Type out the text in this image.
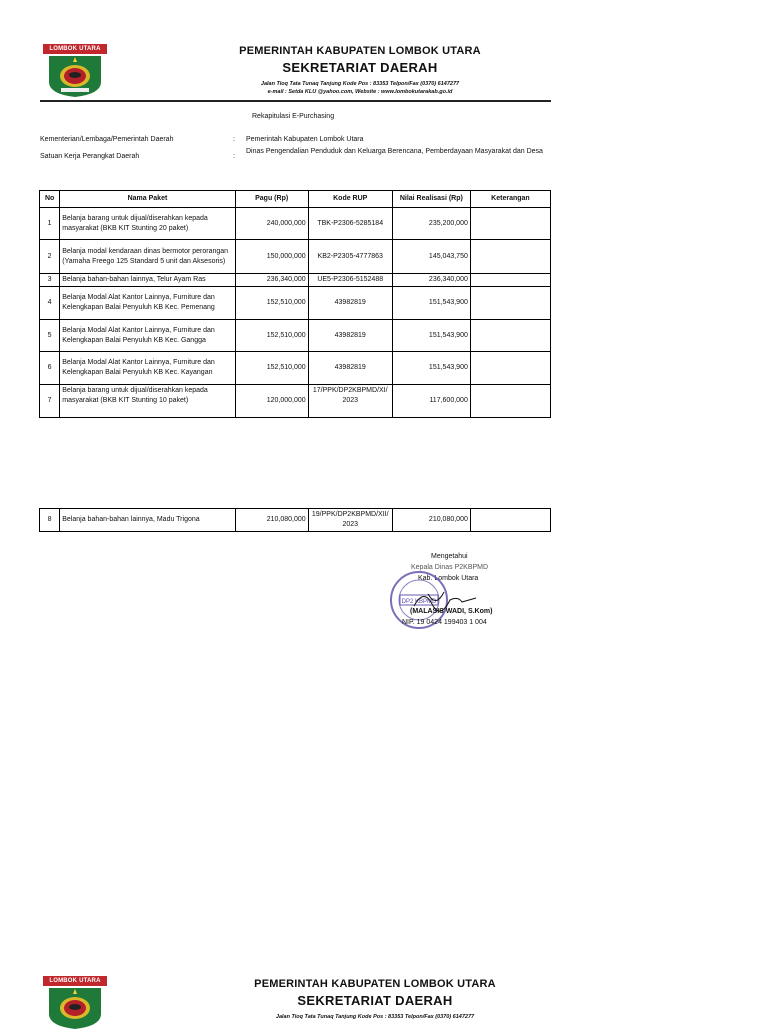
LOMBOK UTARA	PEMERINTAH KABUPATEN LOMBOK UTARA
SEKRETARIAT DAERAH
Jalan Tioq Tata Tunaq Tanjung Kode Pos : 83353 Telpon/Fax (0370) 6147277
e-mail : Setda KLU @yahoo.com, Website : www.lombokutarakab.go.id
Rekapitulasi E-Purchasing
Kementerian/Lembaga/Pemerintah Daerah	: Pemerintah Kabupaten Lombok Utara
Satuan Kerja Perangkat Daerah	:
Dinas Pengendalian Penduduk dan Keluarga Berencana, Pemberdayaan Masyarakat dan Desa
No	Nama Paket	Pagu (Rp)	Kode RUP	Nilai Realisasi (Rp)	Keterangan
1	Belanja barang untuk dijual/diserahkan kepada masyarakat (BKB KIT Stunting 20 paket)	240,000,000	TBK-P2306-5285184	235,200,000	
2	Belanja modal kendaraan dinas bermotor perorangan (Yamaha Freego 125 Standard 5 unit dan Aksesoris)	150,000,000	KB2-P2305-4777863	145,043,750	
3	Belanja bahan-bahan lainnya, Telur Ayam Ras	236,340,000	UE5-P2306-5152488	236,340,000	
4	Belanja Modal Alat Kantor Lainnya, Furniture dan Kelengkapan Balai Penyuluh KB Kec. Pemenang	152,510,000	43982819	151,543,900	
5	Belanja Modal Alat Kantor Lainnya, Furniture dan Kelengkapan Balai Penyuluh KB Kec. Gangga	152,510,000	43982819	151,543,900	
6	Belanja Modal Alat Kantor Lainnya, Furniture dan Kelengkapan Balai Penyuluh KB Kec. Kayangan	152,510,000	43982819	151,543,900	
7	Belanja barang untuk dijual/diserahkan kepada masyarakat (BKB KIT Stunting 10 paket)	120,000,000	17/PPK/DP2KBPMD/XI/ 2023	117,600,000	
8	Belanja bahan-bahan lainnya, Madu Trigona	210,080,000	19/PPK/DP2KBPMD/XII/ 2023	210,080,000	
Mengetahui
Kepala Dinas P2KBPMD
Kab. Lombok Utara
DP2 KBPMD
(MALASIS WADI, S.Kom)
NIP. 19 0424 199403 1 004
LOMBOK UTARA	PEMERINTAH KABUPATEN LOMBOK UTARA
SEKRETARIAT DAERAH
Jalan Tioq Tata Tunaq Tanjung Kode Pos : 83353 Telpon/Fax (0370) 6147277
